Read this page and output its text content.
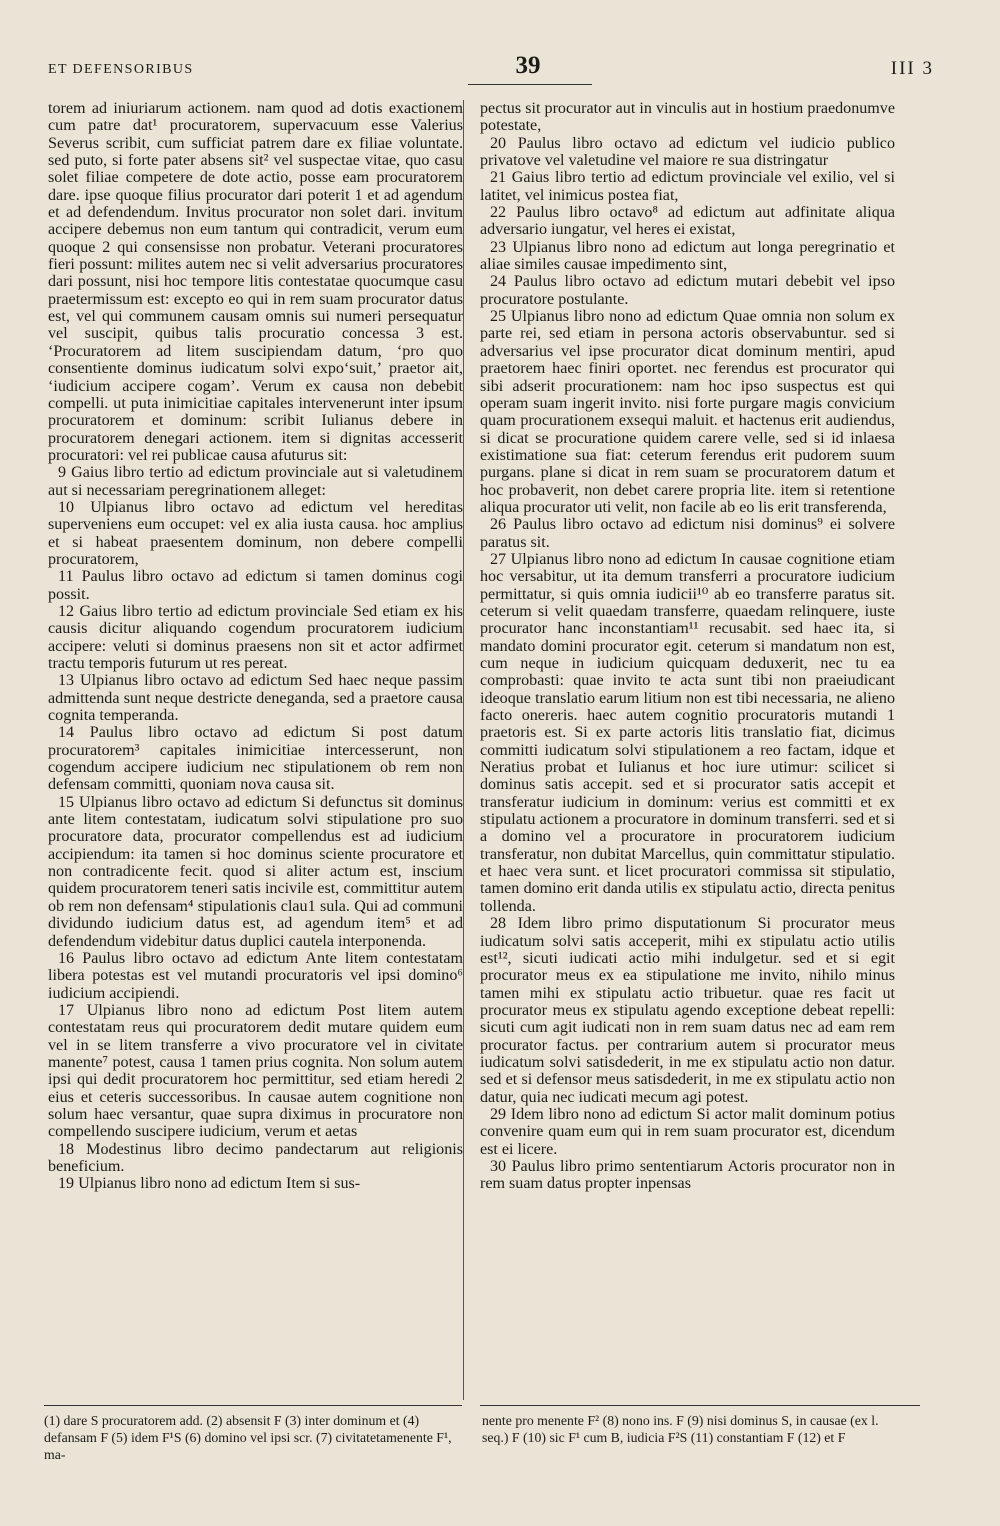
ET DEFENSORIBUS	39	III 3

torem ad iniuriarum actionem. nam quod ad dotis exactionem cum patre dat¹ procuratorem, supervacuum esse Valerius Severus scribit, cum sufficiat patrem dare ex filiae voluntate. sed puto, si forte pater absens sit² vel suspectae vitae, quo casu solet filiae competere de dote actio, posse eam procuratorem dare. ipse quoque filius procurator dari poterit 1 et ad agendum et ad defendendum. Invitus procurator non solet dari. invitum accipere debemus non eum tantum qui contradicit, verum eum quoque 2 qui consensisse non probatur. Veterani procuratores fieri possunt: milites autem nec si velit adversarius procuratores dari possunt, nisi hoc tempore litis contestatae quocumque casu praetermissum est: excepto eo qui in rem suam procurator datus est, vel qui communem causam omnis sui numeri persequatur vel suscipit, quibus talis procuratio concessa 3 est. ‘Procuratorem ad litem suscipiendam datum, ‘pro quo consentiente dominus iudicatum solvi expo‘suit,’ praetor ait, ‘iudicium accipere cogam’. Verum ex causa non debebit compelli. ut puta inimicitiae capitales intervenerunt inter ipsum procuratorem et dominum: scribit Iulianus debere in procuratorem denegari actionem. item si dignitas accesserit procuratori: vel rei publicae causa afuturus sit:

9 Gaius libro tertio ad edictum provinciale aut si valetudinem aut si necessariam peregrinationem alleget:

10 Ulpianus libro octavo ad edictum vel hereditas superveniens eum occupet: vel ex alia iusta causa. hoc amplius et si habeat praesentem dominum, non debere compelli procuratorem,

11 Paulus libro octavo ad edictum si tamen dominus cogi possit.

12 Gaius libro tertio ad edictum provinciale Sed etiam ex his causis dicitur aliquando cogendum procuratorem iudicium accipere: veluti si dominus praesens non sit et actor adfirmet tractu temporis futurum ut res pereat.

13 Ulpianus libro octavo ad edictum Sed haec neque passim admittenda sunt neque destricte deneganda, sed a praetore causa cognita temperanda.

14 Paulus libro octavo ad edictum Si post datum procuratorem³ capitales inimicitiae intercesserunt, non cogendum accipere iudicium nec stipulationem ob rem non defensam committi, quoniam nova causa sit.

15 Ulpianus libro octavo ad edictum Si defunctus sit dominus ante litem contestatam, iudicatum solvi stipulatione pro suo procuratore data, procurator compellendus est ad iudicium accipiendum: ita tamen si hoc dominus sciente procuratore et non contradicente fecit. quod si aliter actum est, inscium quidem procuratorem teneri satis incivile est, committitur autem ob rem non defensam⁴ stipulationis clau1 sula. Qui ad communi dividundo iudicium datus est, ad agendum item⁵ et ad defendendum videbitur datus duplici cautela interponenda.

16 Paulus libro octavo ad edictum Ante litem contestatam libera potestas est vel mutandi procuratoris vel ipsi domino⁶ iudicium accipiendi.

17 Ulpianus libro nono ad edictum Post litem autem contestatam reus qui procuratorem dedit mutare quidem eum vel in se litem transferre a vivo procuratore vel in civitate manente⁷ potest, causa 1 tamen prius cognita. Non solum autem ipsi qui dedit procuratorem hoc permittitur, sed etiam heredi 2 eius et ceteris successoribus. In causae autem cognitione non solum haec versantur, quae supra diximus in procuratore non compellendo suscipere iudicium, verum et aetas

18 Modestinus libro decimo pandectarum aut religionis beneficium.

19 Ulpianus libro nono ad edictum Item si sus-

pectus sit procurator aut in vinculis aut in hostium praedonumve potestate,

20 Paulus libro octavo ad edictum vel iudicio publico privatove vel valetudine vel maiore re sua distringatur

21 Gaius libro tertio ad edictum provinciale vel exilio, vel si latitet, vel inimicus postea fiat,

22 Paulus libro octavo⁸ ad edictum aut adfinitate aliqua adversario iungatur, vel heres ei existat,

23 Ulpianus libro nono ad edictum aut longa peregrinatio et aliae similes causae impedimento sint,

24 Paulus libro octavo ad edictum mutari debebit vel ipso procuratore postulante.

25 Ulpianus libro nono ad edictum Quae omnia non solum ex parte rei, sed etiam in persona actoris observabuntur. sed si adversarius vel ipse procurator dicat dominum mentiri, apud praetorem haec finiri oportet. nec ferendus est procurator qui sibi adserit procurationem: nam hoc ipso suspectus est qui operam suam ingerit invito. nisi forte purgare magis convicium quam procurationem exsequi maluit. et hactenus erit audiendus, si dicat se procuratione quidem carere velle, sed si id inlaesa existimatione sua fiat: ceterum ferendus erit pudorem suum purgans. plane si dicat in rem suam se procuratorem datum et hoc probaverit, non debet carere propria lite. item si retentione aliqua procurator uti velit, non facile ab eo lis erit transferenda,

26 Paulus libro octavo ad edictum nisi dominus⁹ ei solvere paratus sit.

27 Ulpianus libro nono ad edictum In causae cognitione etiam hoc versabitur, ut ita demum transferri a procuratore iudicium permittatur, si quis omnia iudicii¹⁰ ab eo transferre paratus sit. ceterum si velit quaedam transferre, quaedam relinquere, iuste procurator hanc inconstantiam¹¹ recusabit. sed haec ita, si mandato domini procurator egit. ceterum si mandatum non est, cum neque in iudicium quicquam deduxerit, nec tu ea comprobasti: quae invito te acta sunt tibi non praeiudicant ideoque translatio earum litium non est tibi necessaria, ne alieno facto onereris. haec autem cognitio procuratoris mutandi 1 praetoris est. Si ex parte actoris litis translatio fiat, dicimus committi iudicatum solvi stipulationem a reo factam, idque et Neratius probat et Iulianus et hoc iure utimur: scilicet si dominus satis accepit. sed et si procurator satis accepit et transferatur iudicium in dominum: verius est committi et ex stipulatu actionem a procuratore in dominum transferri. sed et si a domino vel a procuratore in procuratorem iudicium transferatur, non dubitat Marcellus, quin committatur stipulatio. et haec vera sunt. et licet procuratori commissa sit stipulatio, tamen domino erit danda utilis ex stipulatu actio, directa penitus tollenda.

28 Idem libro primo disputationum Si procurator meus iudicatum solvi satis acceperit, mihi ex stipulatu actio utilis est¹², sicuti iudicati actio mihi indulgetur. sed et si egit procurator meus ex ea stipulatione me invito, nihilo minus tamen mihi ex stipulatu actio tribuetur. quae res facit ut procurator meus ex stipulatu agendo exceptione debeat repelli: sicuti cum agit iudicati non in rem suam datus nec ad eam rem procurator factus. per contrarium autem si procurator meus iudicatum solvi satisdederit, in me ex stipulatu actio non datur. sed et si defensor meus satisdederit, in me ex stipulatu actio non datur, quia nec iudicati mecum agi potest.

29 Idem libro nono ad edictum Si actor malit dominum potius convenire quam eum qui in rem suam procurator est, dicendum est ei licere.

30 Paulus libro primo sententiarum Actoris procurator non in rem suam datus propter inpensas

(1) dare S procuratorem add. (2) absensit F (3) inter dominum et (4) defansam F (5) idem F¹S (6) domino vel ipsi scr. (7) civitatetamenente F¹, ma-
nente pro menente F² (8) nono ins. F (9) nisi dominus S, in causae (ex l. seq.) F (10) sic F¹ cum B, iudicia F²S (11) constantiam F (12) et F
